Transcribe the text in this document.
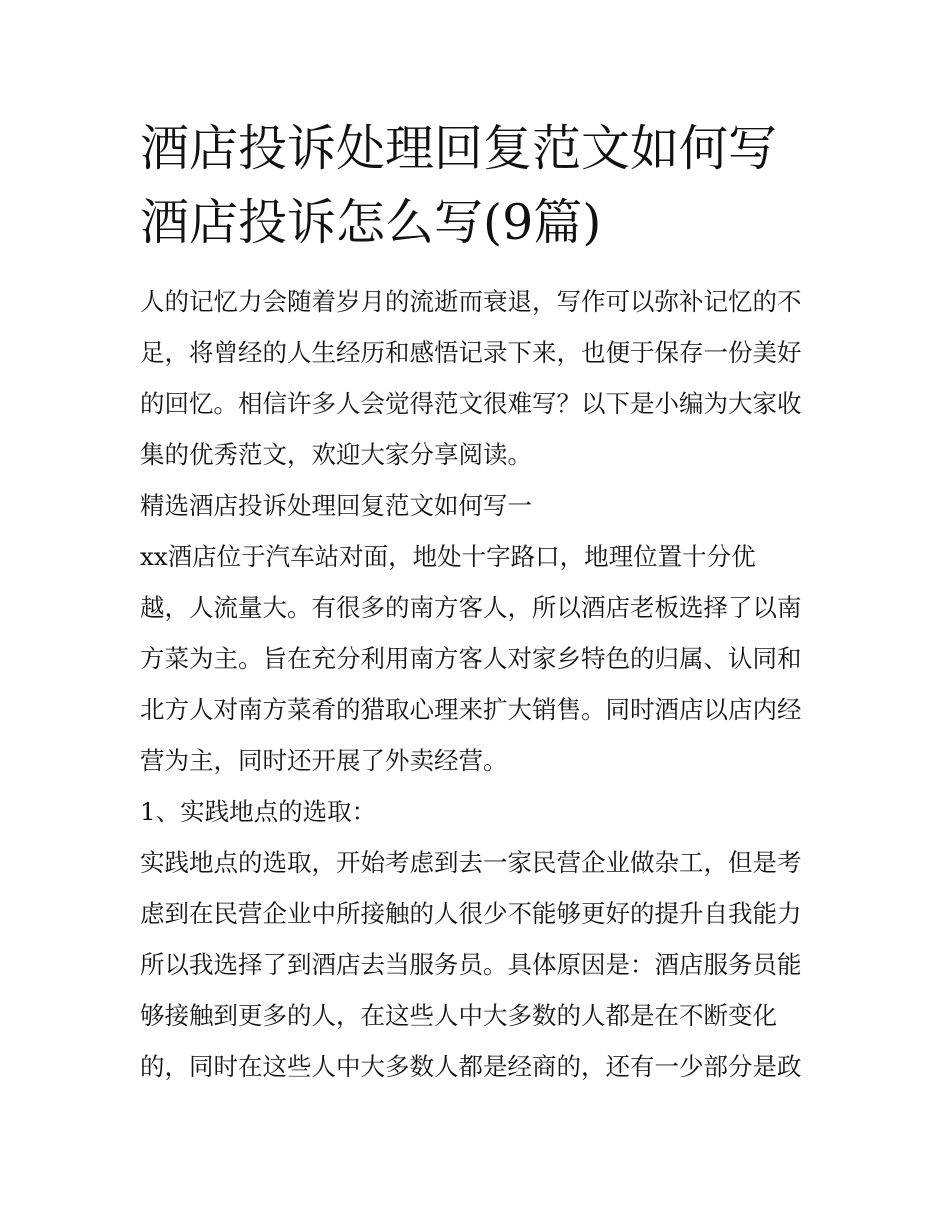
酒店投诉处理回复范文如何写
酒店投诉怎么写(9篇)
人的记忆力会随着岁月的流逝而衰退，写作可以弥补记忆的不
足，将曾经的人生经历和感悟记录下来，也便于保存一份美好
的回忆。相信许多人会觉得范文很难写？以下是小编为大家收
集的优秀范文，欢迎大家分享阅读。
精选酒店投诉处理回复范文如何写一
xx酒店位于汽车站对面，地处十字路口，地理位置十分优
越，人流量大。有很多的南方客人，所以酒店老板选择了以南
方菜为主。旨在充分利用南方客人对家乡特色的归属、认同和
北方人对南方菜肴的猎取心理来扩大销售。同时酒店以店内经
营为主，同时还开展了外卖经营。
1、实践地点的选取：
实践地点的选取，开始考虑到去一家民营企业做杂工，但是考
虑到在民营企业中所接触的人很少不能够更好的提升自我能力
所以我选择了到酒店去当服务员。具体原因是：酒店服务员能
够接触到更多的人，在这些人中大多数的人都是在不断变化
的，同时在这些人中大多数人都是经商的，还有一少部分是政
